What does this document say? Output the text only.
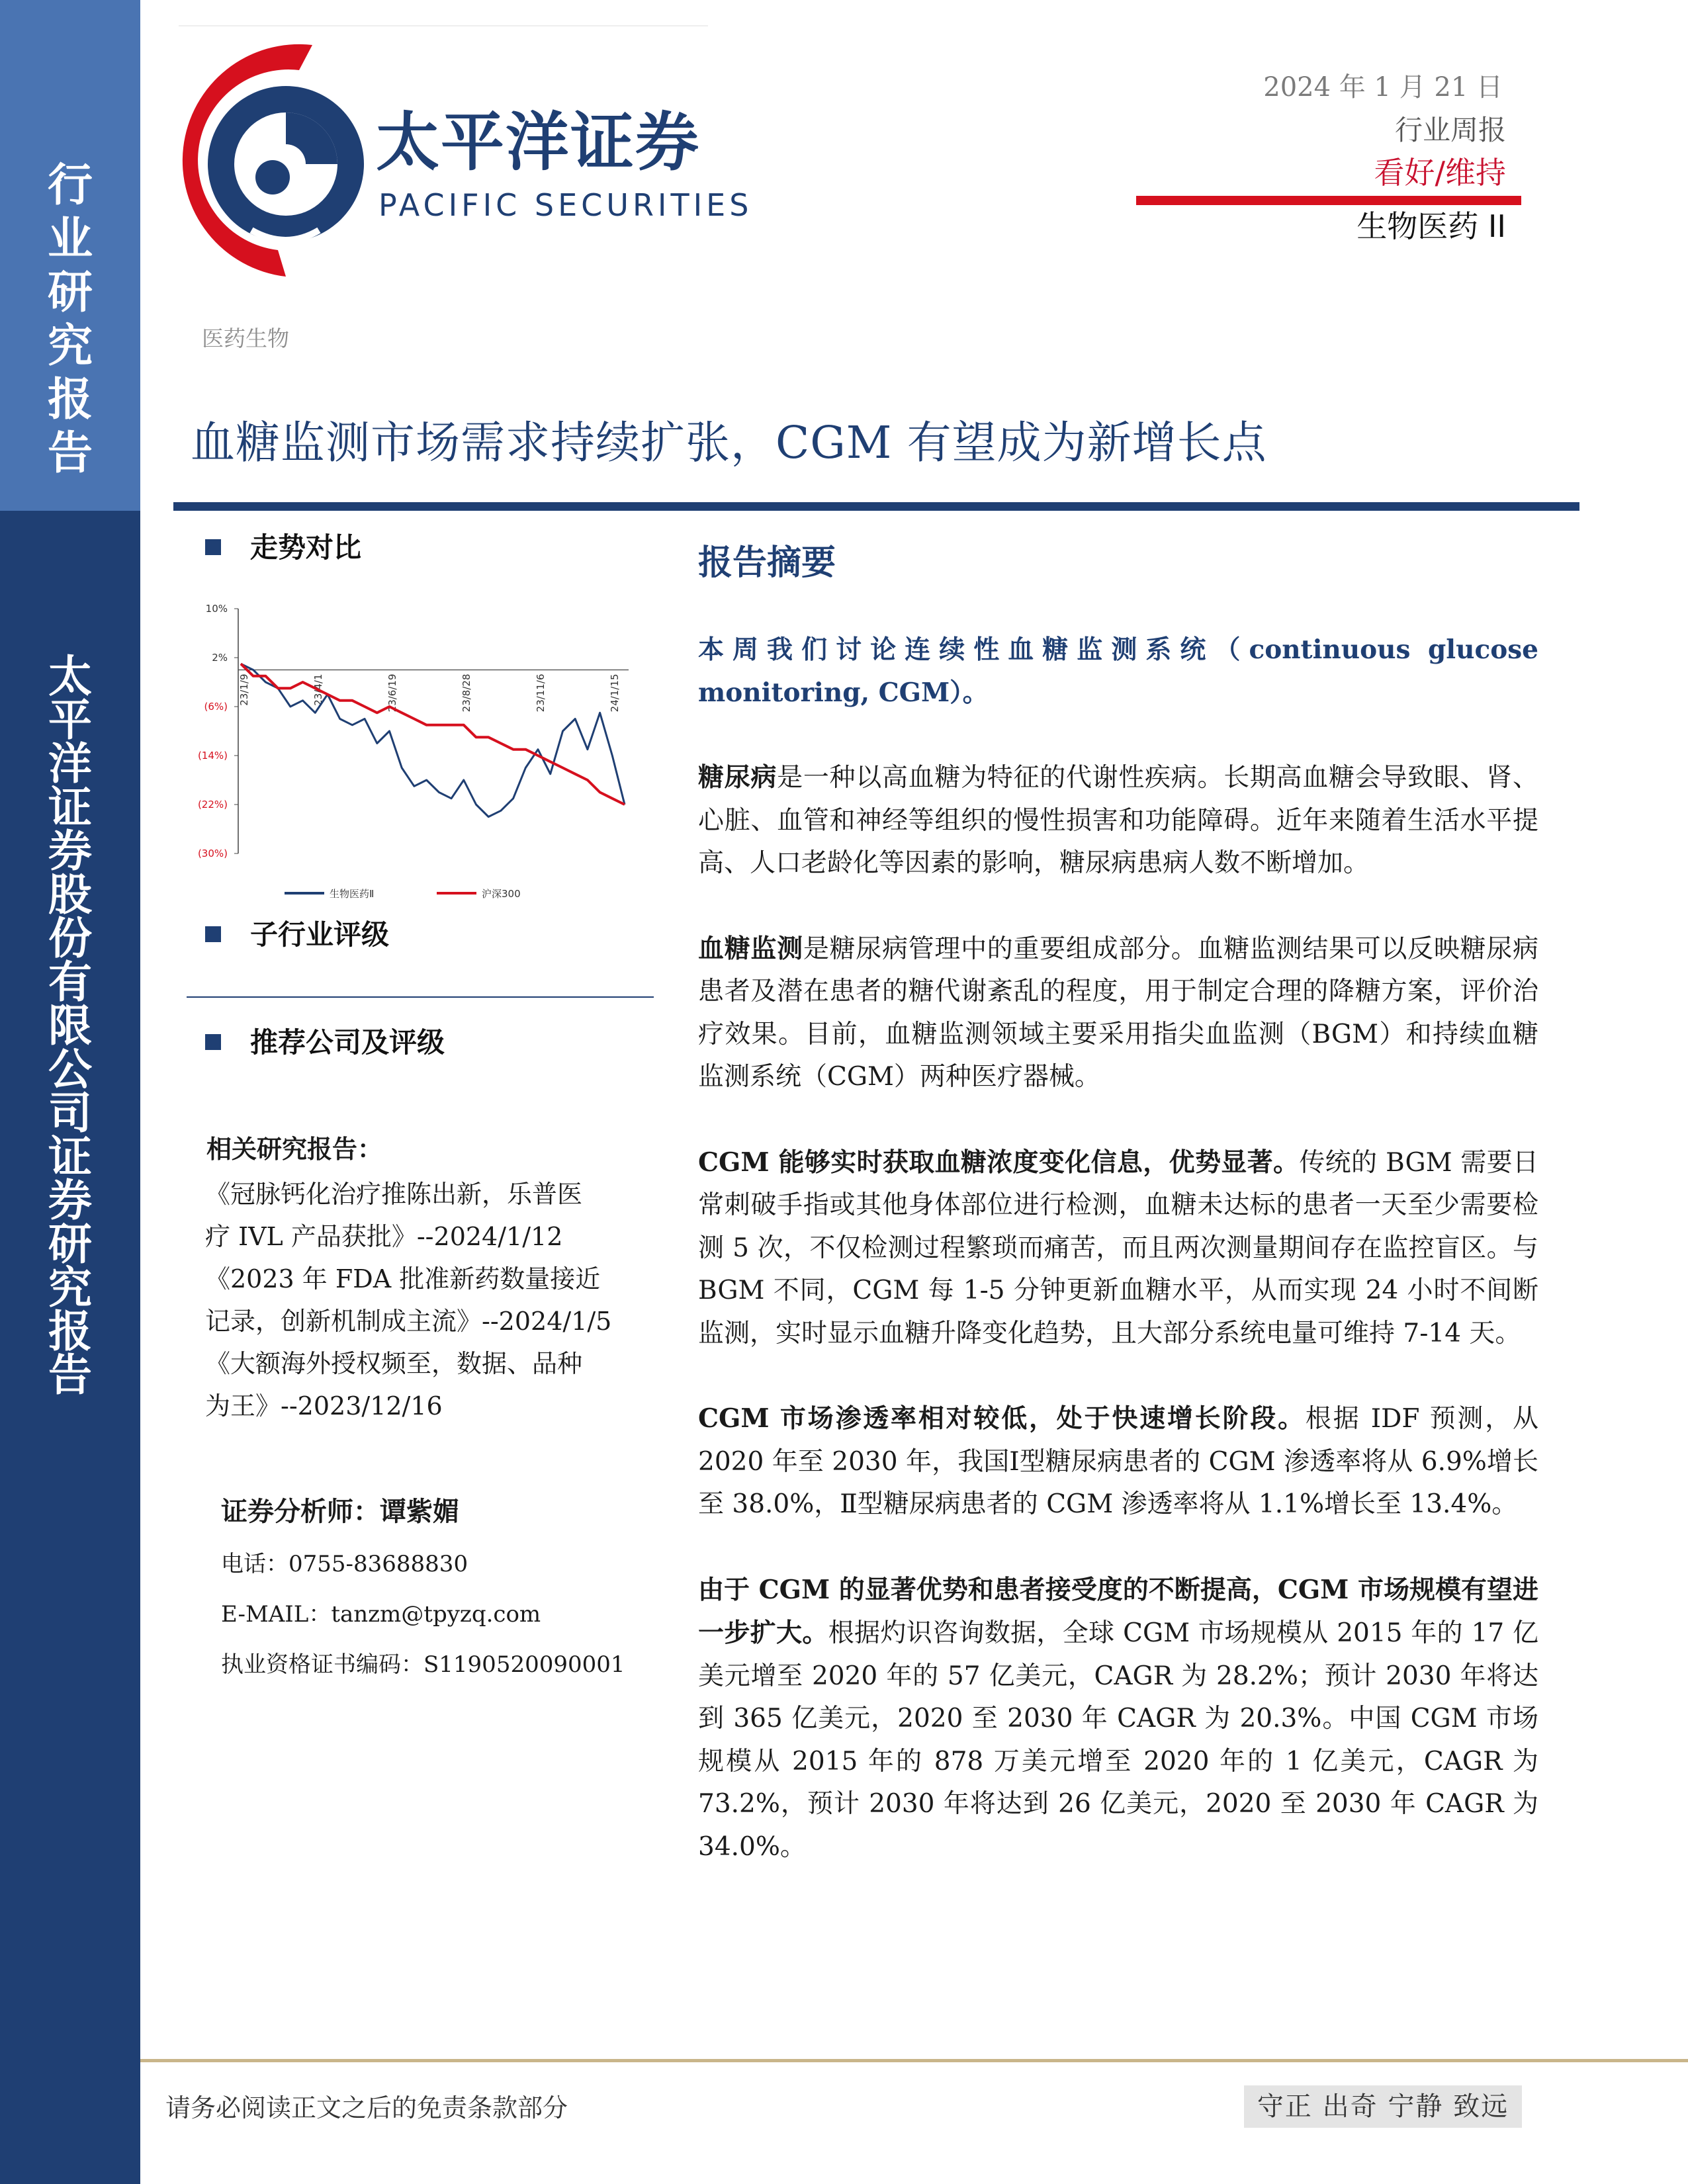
行
业
研
究
报
告
太
平
洋
证
券
股
份
有
限
公
司
证
券
研
究
报
告
太平洋证券
PACIFIC SECURITIES
2024 年 1 月 21 日
行业周报
看好/维持
生物医药 II
医药生物
血糖监测市场需求持续扩张，CGM 有望成为新增长点
走势对比
10%
2%
(6%)
(14%)
(22%)
(30%)
23/1/9	23/4/1	23/6/19	23/8/28	23/11/6	24/1/15
生物医药Ⅱ	沪深300
子行业评级
推荐公司及评级
相关研究报告：

《冠脉钙化治疗推陈出新，乐普医

疗 IVL 产品获批》--2024/1/12

《2023 年 FDA 批准新药数量接近

记录，创新机制成主流》--2024/1/5

《大额海外授权频至，数据、品种

为王》--2023/12/16

证券分析师：谭紫媚
电话：0755-83688830
E-MAIL：tanzm@tpyzq.com
执业资格证书编码：S1190520090001
报告摘要

本周我们讨论连续性血糖监测系统（continuous glucose monitoring, CGM）。

糖尿病是一种以高血糖为特征的代谢性疾病。长期高血糖会导致眼、肾、心脏、血管和神经等组织的慢性损害和功能障碍。近年来随着生活水平提高、人口老龄化等因素的影响，糖尿病患病人数不断增加。

血糖监测是糖尿病管理中的重要组成部分。血糖监测结果可以反映糖尿病患者及潜在患者的糖代谢紊乱的程度，用于制定合理的降糖方案，评价治疗效果。目前，血糖监测领域主要采用指尖血监测（BGM）和持续血糖监测系统（CGM）两种医疗器械。

CGM 能够实时获取血糖浓度变化信息，优势显著。传统的 BGM 需要日常刺破手指或其他身体部位进行检测，血糖未达标的患者一天至少需要检测 5 次，不仅检测过程繁琐而痛苦，而且两次测量期间存在监控盲区。与 BGM 不同，CGM 每 1-5 分钟更新血糖水平，从而实现 24 小时不间断监测，实时显示血糖升降变化趋势，且大部分系统电量可维持 7-14 天。

CGM 市场渗透率相对较低，处于快速增长阶段。根据 IDF 预测，从 2020 年至 2030 年，我国Ⅰ型糖尿病患者的 CGM 渗透率将从 6.9%增长至 38.0%，Ⅱ型糖尿病患者的 CGM 渗透率将从 1.1%增长至 13.4%。

由于 CGM 的显著优势和患者接受度的不断提高，CGM 市场规模有望进一步扩大。根据灼识咨询数据，全球 CGM 市场规模从 2015 年的 17 亿美元增至 2020 年的 57 亿美元，CAGR 为 28.2%；预计 2030 年将达到 365 亿美元，2020 至 2030 年 CAGR 为 20.3%。中国 CGM 市场规模从 2015 年的 878 万美元增至 2020 年的 1 亿美元，CAGR 为 73.2%，预计 2030 年将达到 26 亿美元，2020 至 2030 年 CAGR 为 34.0%。

请务必阅读正文之后的免责条款部分	守正 出奇 宁静 致远
